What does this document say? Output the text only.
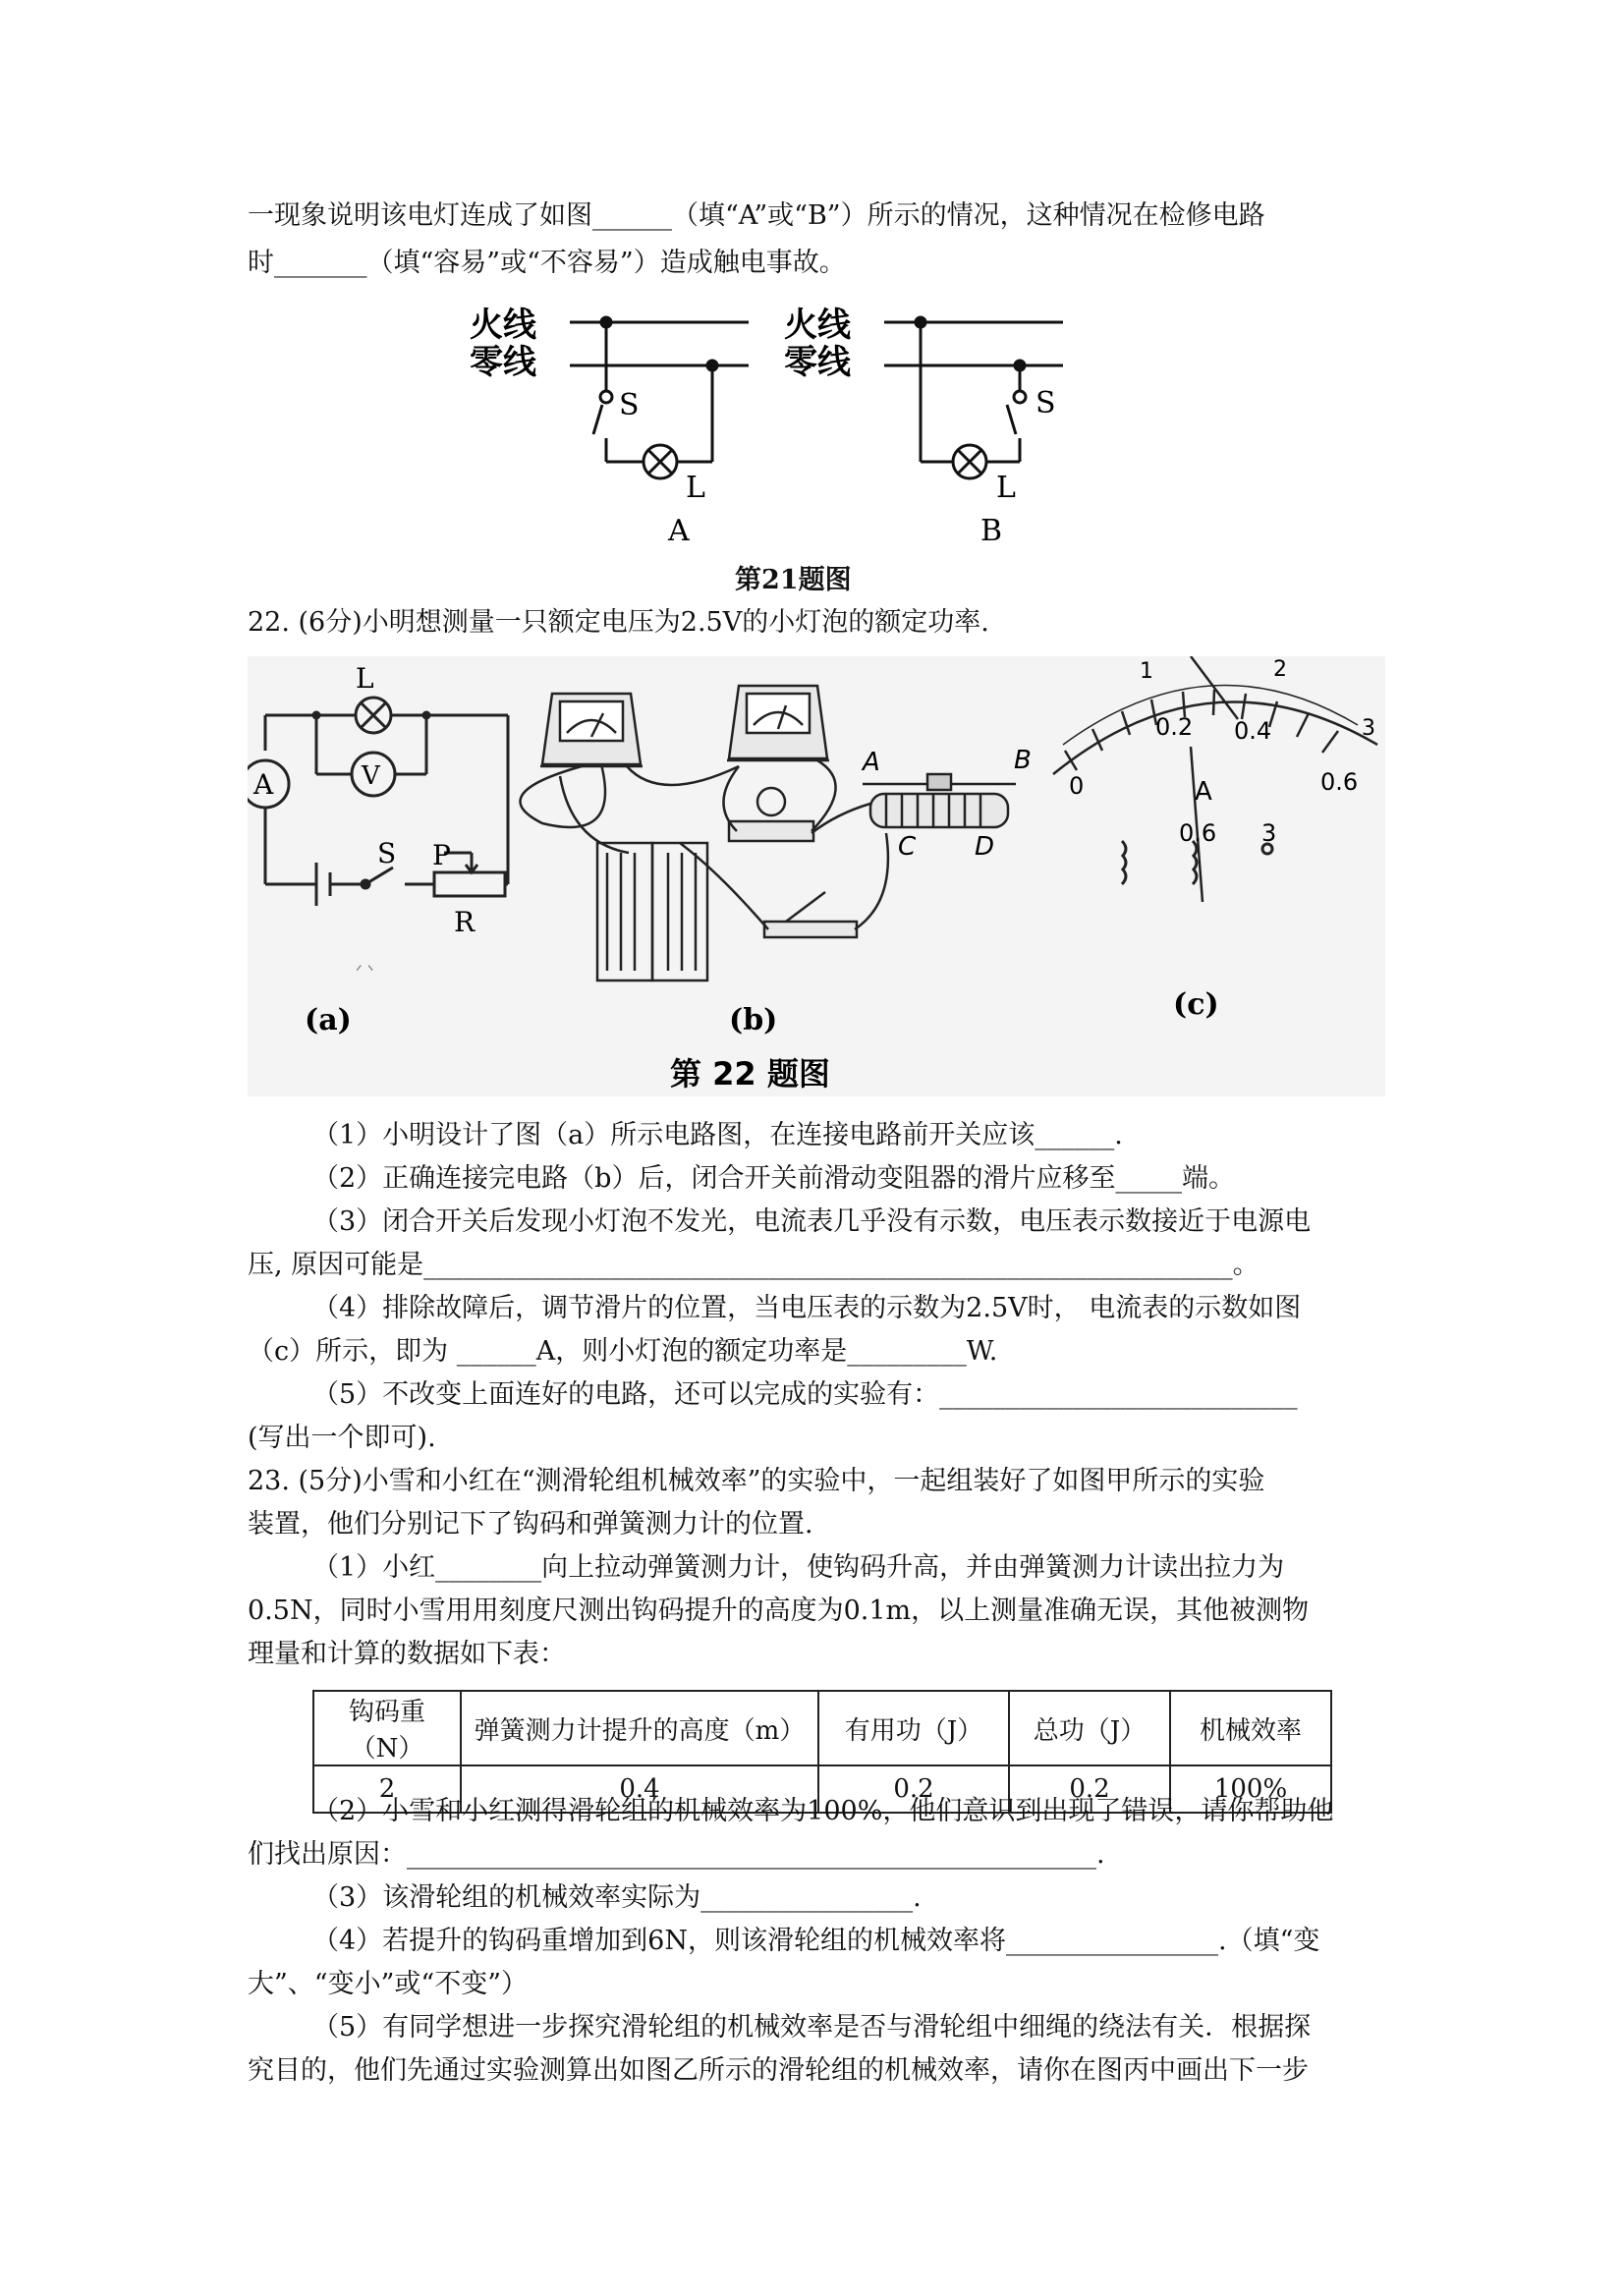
一现象说明该电灯连成了如图______（填“A”或“B”）所示的情况，这种情况在检修电路
时_______（填“容易”或“不容易”）造成触电事故。
火线
零线
S
L
A
火线
零线
S
L
B
第21题图
22. (6分)小明想测量一只额定电压为2.5V的小灯泡的额定功率.
L
A	V
S P
R
ᐟ ᐠ
A	B
C D
0
0.2 0.4
0.6
1	2
3
A
0.6 3
(a)	(b)	(c)
第 22 题图
（1）小明设计了图（a）所示电路图，在连接电路前开关应该______.
（2）正确连接完电路（b）后，闭合开关前滑动变阻器的滑片应移至_____端。
（3）闭合开关后发现小灯泡不发光，电流表几乎没有示数，电压表示数接近于电源电
压, 原因可能是_____________________________________________________________。
（4）排除故障后，调节滑片的位置，当电压表的示数为2.5V时， 电流表的示数如图
（c）所示，即为 ______A，则小灯泡的额定功率是_________W.
（5）不改变上面连好的电路，还可以完成的实验有：___________________________
(写出一个即可).
23. (5分)小雪和小红在“测滑轮组机械效率”的实验中，一起组装好了如图甲所示的实验
装置，他们分别记下了钩码和弹簧测力计的位置.
（1）小红________向上拉动弹簧测力计，使钩码升高，并由弹簧测力计读出拉力为
0.5N，同时小雪用用刻度尺测出钩码提升的高度为0.1m，以上测量准确无误，其他被测物
理量和计算的数据如下表：
钩码重（N）	弹簧测力计提升的高度（m）	有用功（J）	总功（J）	机械效率
2	0.4	0.2	0.2	100%
（2）小雪和小红测得滑轮组的机械效率为100%，他们意识到出现了错误，请你帮助他
们找出原因：____________________________________________________.
（3）该滑轮组的机械效率实际为________________.
（4）若提升的钩码重增加到6N，则该滑轮组的机械效率将________________.（填“变
大”、“变小”或“不变”）
（5）有同学想进一步探究滑轮组的机械效率是否与滑轮组中细绳的绕法有关．根据探
究目的，他们先通过实验测算出如图乙所示的滑轮组的机械效率，请你在图丙中画出下一步
